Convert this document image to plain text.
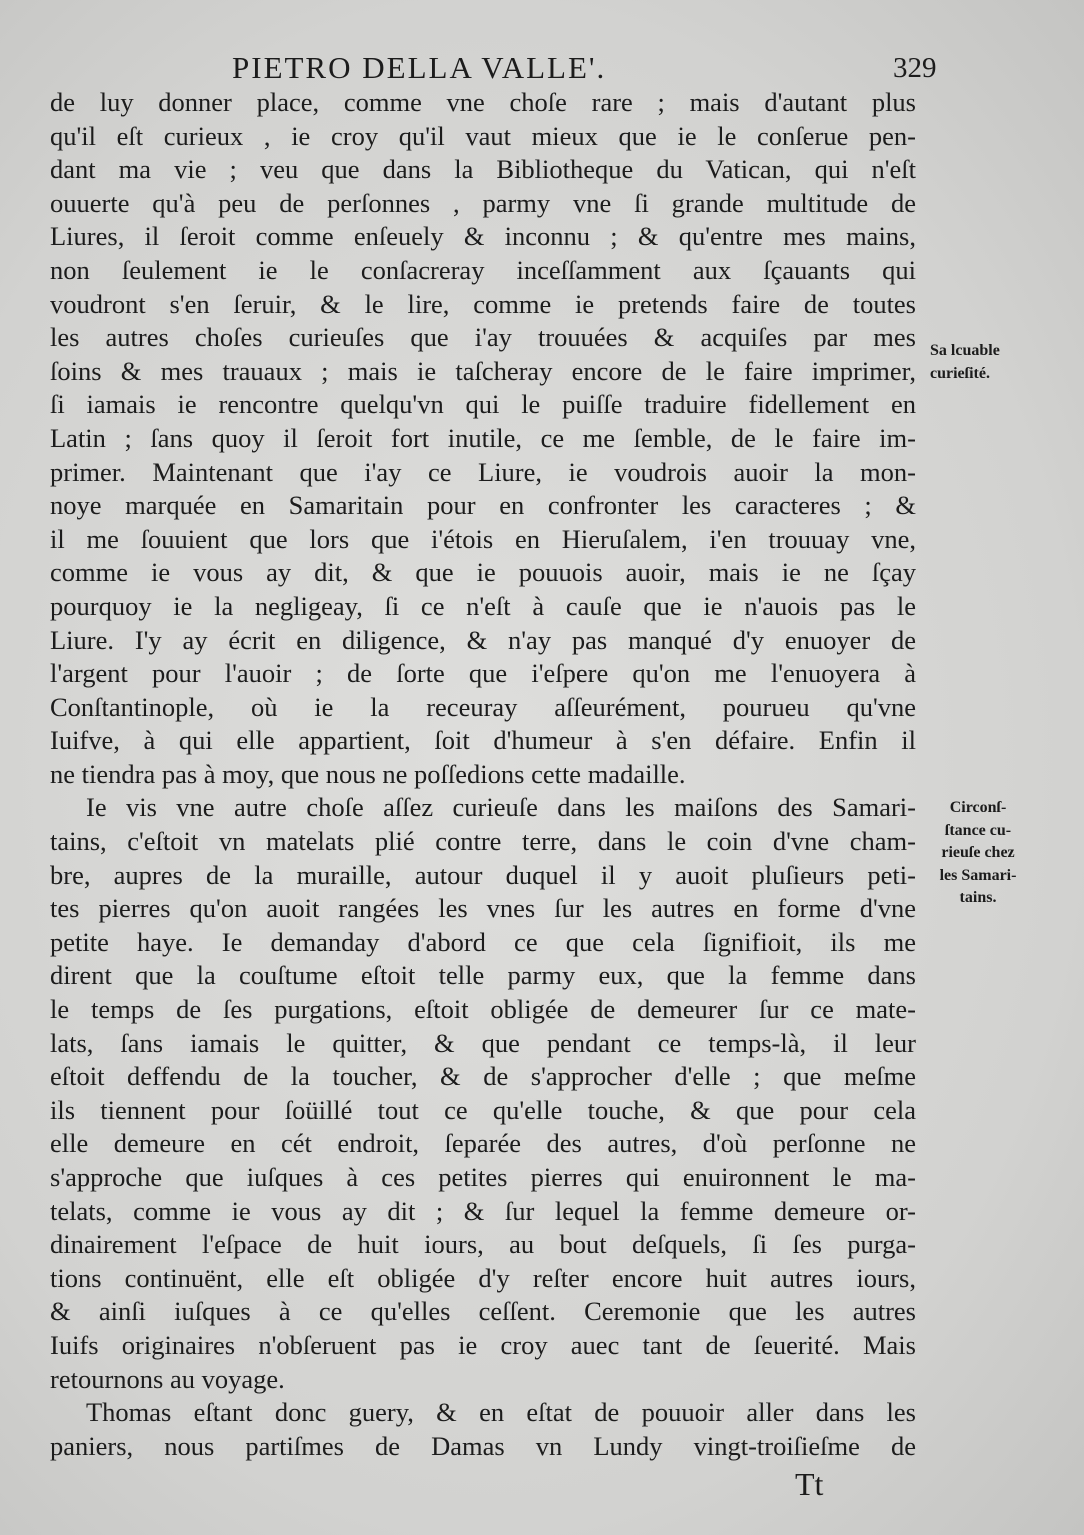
PIETRO DELLA VALLE'.	329
de luy donner place, comme vne choſe rare ; mais d'autant plus
qu'il eſt curieux , ie croy qu'il vaut mieux que ie le conſerue pen-
dant ma vie ; veu que dans la Bibliotheque du Vatican, qui n'eſt
ouuerte qu'à peu de perſonnes , parmy vne ſi grande multitude de
Liures, il ſeroit comme enſeuely & inconnu ; & qu'entre mes mains,
non ſeulement ie le conſacreray inceſſamment aux ſçauants qui
voudront s'en ſeruir, & le lire, comme ie pretends faire de toutes
les autres choſes curieuſes que i'ay trouuées & acquiſes par mes
ſoins & mes trauaux ; mais ie taſcheray encore de le faire imprimer,
ſi iamais ie rencontre quelqu'vn qui le puiſſe traduire fidellement en
Latin ; ſans quoy il ſeroit fort inutile, ce me ſemble, de le faire im-
primer. Maintenant que i'ay ce Liure, ie voudrois auoir la mon-
noye marquée en Samaritain pour en confronter les caracteres ; &
il me ſouuient que lors que i'étois en Hieruſalem, i'en trouuay vne,
comme ie vous ay dit, & que ie pouuois auoir, mais ie ne ſçay
pourquoy ie la negligeay, ſi ce n'eſt à cauſe que ie n'auois pas le
Liure. I'y ay écrit en diligence, & n'ay pas manqué d'y enuoyer de
l'argent pour l'auoir ; de ſorte que i'eſpere qu'on me l'enuoyera à
Conſtantinople, où ie la receuray aſſeurément, pourueu qu'vne
Iuifve, à qui elle appartient, ſoit d'humeur à s'en défaire. Enfin il
ne tiendra pas à moy, que nous ne poſſedions cette madaille.
Ie vis vne autre choſe aſſez curieuſe dans les maiſons des Samari-
tains, c'eſtoit vn matelats plié contre terre, dans le coin d'vne cham-
bre, aupres de la muraille, autour duquel il y auoit pluſieurs peti-
tes pierres qu'on auoit rangées les vnes ſur les autres en forme d'vne
petite haye. Ie demanday d'abord ce que cela ſignifioit, ils me
dirent que la couſtume eſtoit telle parmy eux, que la femme dans
le temps de ſes purgations, eſtoit obligée de demeurer ſur ce mate-
lats, ſans iamais le quitter, & que pendant ce temps-là, il leur
eſtoit deffendu de la toucher, & de s'approcher d'elle ; que meſme
ils tiennent pour ſoüillé tout ce qu'elle touche, & que pour cela
elle demeure en cét endroit, ſeparée des autres, d'où perſonne ne
s'approche que iuſques à ces petites pierres qui enuironnent le ma-
telats, comme ie vous ay dit ; & ſur lequel la femme demeure or-
dinairement l'eſpace de huit iours, au bout deſquels, ſi ſes purga-
tions continuënt, elle eſt obligée d'y reſter encore huit autres iours,
& ainſi iuſques à ce qu'elles ceſſent. Ceremonie que les autres
Iuifs originaires n'obſeruent pas ie croy auec tant de ſeuerité. Mais
retournons au voyage.
Thomas eſtant donc guery, & en eſtat de pouuoir aller dans les
paniers, nous partiſmes de Damas vn Lundy vingt-troiſieſme de
Sa lcuable
curieſité.
Circonſ-
ſtance cu-
rieuſe chez
les Samari-
tains.
Tt
